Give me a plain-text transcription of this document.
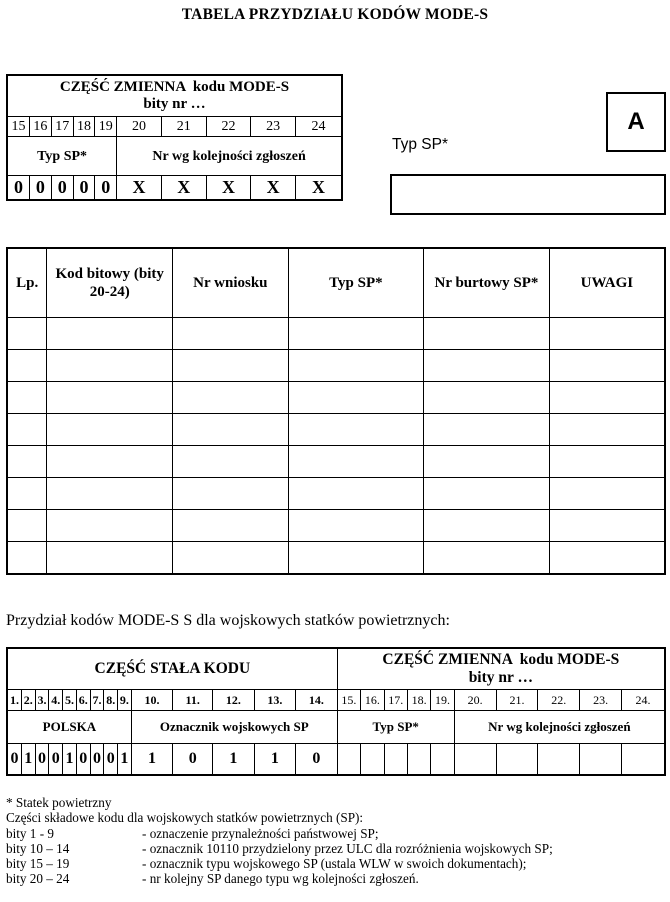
TABELA PRZYDZIAŁU KODÓW MODE-S
CZĘŚĆ ZMIENNA  kodu MODE-S
bity nr …									

15	16	17	18	19	20	21	22	23	24
Typ SP*					Nr wg kolejności zgłoszeń				
0	0	0	0	0	X	X	X	X	X
A
Typ SP*
Lp.	Kod bitowy (bity 20-24)	Nr wniosku	Typ SP*	Nr burtowy SP*	UWAGI

Przydział kodów MODE-S S dla wojskowych statków powietrznych:
CZĘŚĆ STAŁA KODU														CZĘŚĆ ZMIENNA  kodu MODE-S
bity nr …									

1.	2.	3.	4.	5.	6.	7.	8.	9.	10.	11.	12.	13.	14.	15.	16.	17.	18.	19.	20.	21.	22.	23.	24.
POLSKA									Oznacznik wojskowych SP					Typ SP*					Nr wg kolejności zgłoszeń				
0	1	0	0	1	0	0	0	1	1	0	1	1	0										
* Statek powietrzny
Części składowe kodu dla wojskowych statków powietrznych (SP):
bity 1 - 9	- oznaczenie przynależności państwowej SP;
bity 10 – 14	- oznacznik 10110 przydzielony przez ULC dla rozróżnienia wojskowych SP;
bity 15 – 19	- oznacznik typu wojskowego SP (ustala WLW w swoich dokumentach);
bity 20 – 24	- nr kolejny SP danego typu wg kolejności zgłoszeń.
